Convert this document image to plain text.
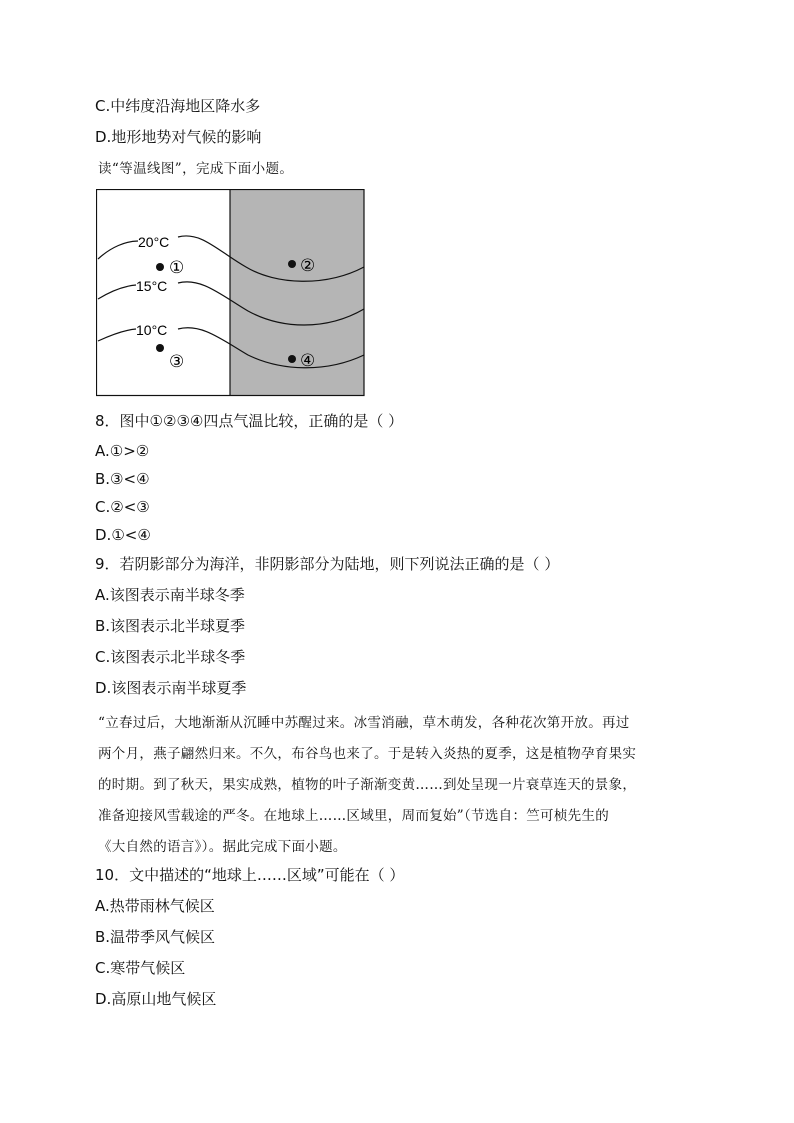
C.中纬度沿海地区降水多

D.地形地势对气候的影响

读“等温线图”，完成下面小题。

20°C
15°C
10°C
①	②
③	④

8．图中①②③④四点气温比较，正确的是（ ）

A.①>②

B.③<④

C.②<③

D.①<④

9．若阴影部分为海洋，非阴影部分为陆地，则下列说法正确的是（ ）

A.该图表示南半球冬季

B.该图表示北半球夏季

C.该图表示北半球冬季

D.该图表示南半球夏季

“立春过后，大地渐渐从沉睡中苏醒过来。冰雪消融，草木萌发，各种花次第开放。再过
两个月，燕子翩然归来。不久，布谷鸟也来了。于是转入炎热的夏季，这是植物孕育果实
的时期。到了秋天，果实成熟，植物的叶子渐渐变黄……到处呈现一片衰草连天的景象，
准备迎接风雪载途的严冬。在地球上……区域里，周而复始”（节选自：竺可桢先生的
《大自然的语言》）。据此完成下面小题。

10．文中描述的“地球上……区域”可能在（ ）

A.热带雨林气候区

B.温带季风气候区

C.寒带气候区

D.高原山地气候区
